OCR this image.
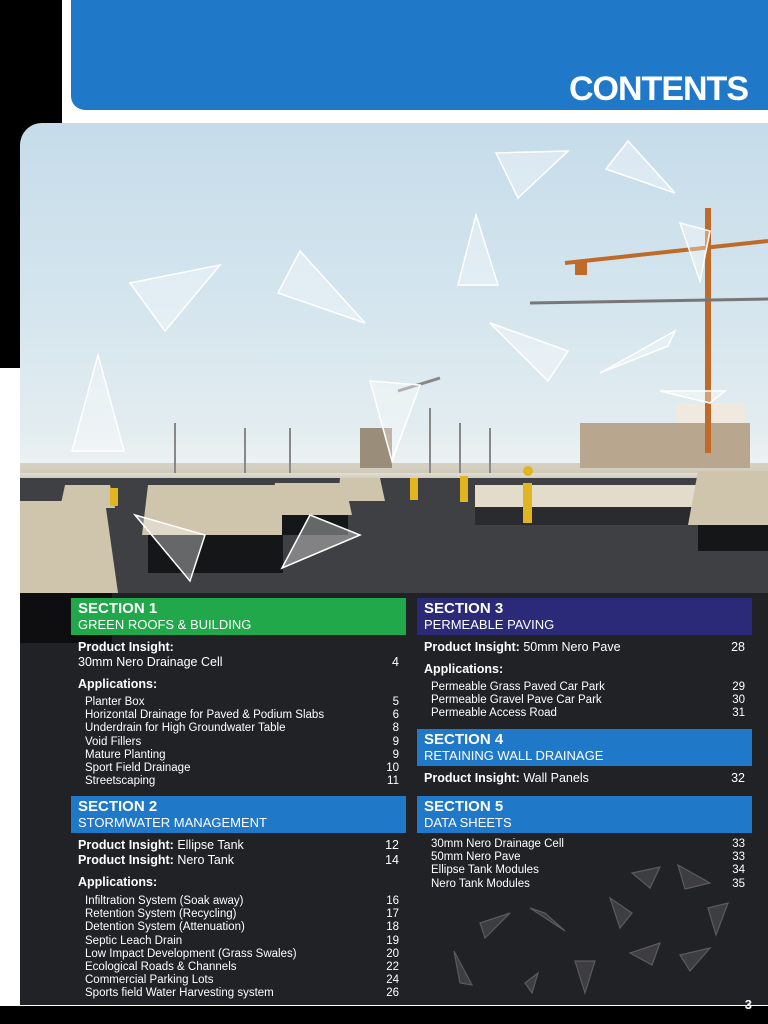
CONTENTS
SECTION 1
GREEN ROOFS & BUILDING
Product Insight:
30mm Nero Drainage Cell	4
Applications:
Planter Box	5
Horizontal Drainage for Paved & Podium Slabs	6
Underdrain for High Groundwater Table	8
Void Fillers	9
Mature Planting	9
Sport Field Drainage	10
Streetscaping	11
SECTION 2
STORMWATER MANAGEMENT
Product Insight: Ellipse Tank	12
Product Insight: Nero Tank	14
Applications:
Infiltration System (Soak away)	16
Retention System (Recycling)	17
Detention System (Attenuation)	18
Septic Leach Drain	19
Low Impact Development (Grass Swales)	20
Ecological Roads & Channels	22
Commercial Parking Lots	24
Sports field Water Harvesting system	26
SECTION 3
PERMEABLE PAVING
Product Insight: 50mm Nero Pave	28
Applications:
Permeable Grass Paved Car Park	29
Permeable Gravel Pave Car Park	30
Permeable Access Road	31
SECTION 4
RETAINING WALL DRAINAGE
Product Insight: Wall Panels	32
SECTION 5
DATA SHEETS
30mm Nero Drainage Cell	33
50mm Nero Pave	33
Ellipse Tank Modules	34
Nero Tank Modules	35
3
